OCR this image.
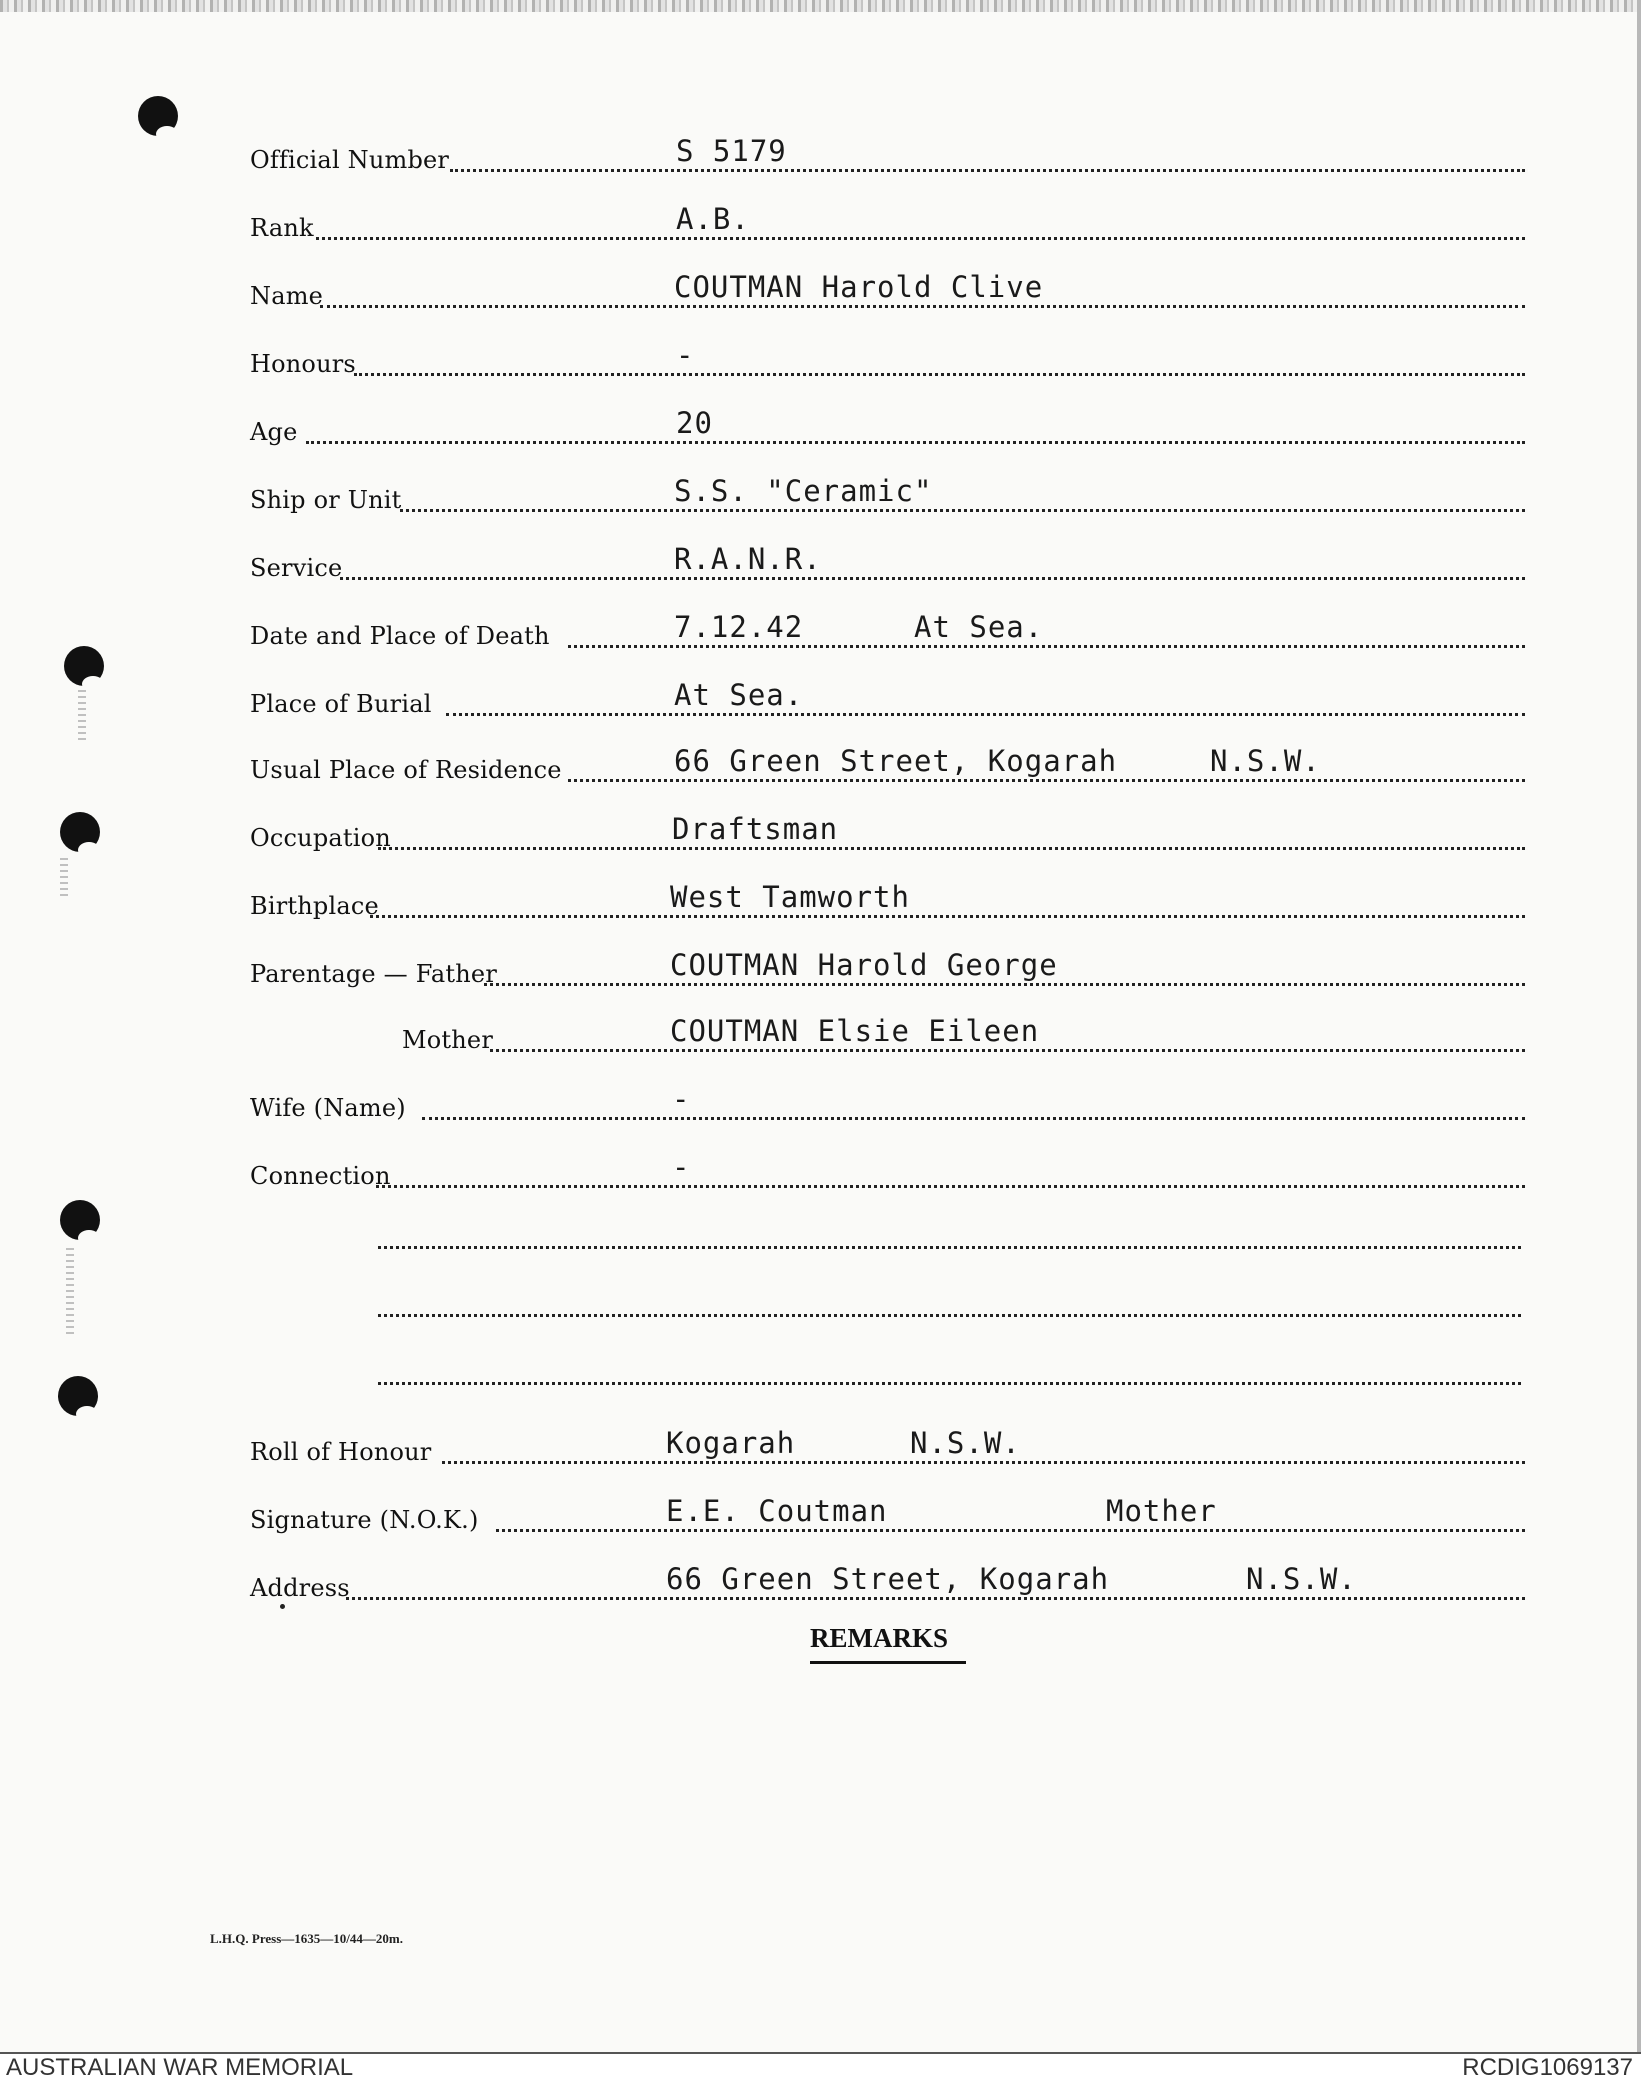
Official Number	S 5179
Rank	A.B.
Name	COUTMAN Harold Clive
Honours	-
Age	20
Ship or Unit	S.S. "Ceramic"
Service	R.A.N.R.
Date and Place of Death	7.12.42	At Sea.
Place of Burial	At Sea.
Usual Place of Residence	66 Green Street, Kogarah	N.S.W.
Occupation	Draftsman
Birthplace	West Tamworth
Parentage — Father	COUTMAN Harold George
Mother	COUTMAN Elsie Eileen
Wife (Name)	-
Connection	-
Roll of Honour	Kogarah	N.S.W.
Signature (N.O.K.)	E.E. Coutman	Mother
Address	66 Green Street, Kogarah	N.S.W.
REMARKS
L.H.Q. Press—1635—10/44—20m.
AUSTRALIAN WAR MEMORIAL	RCDIG1069137
